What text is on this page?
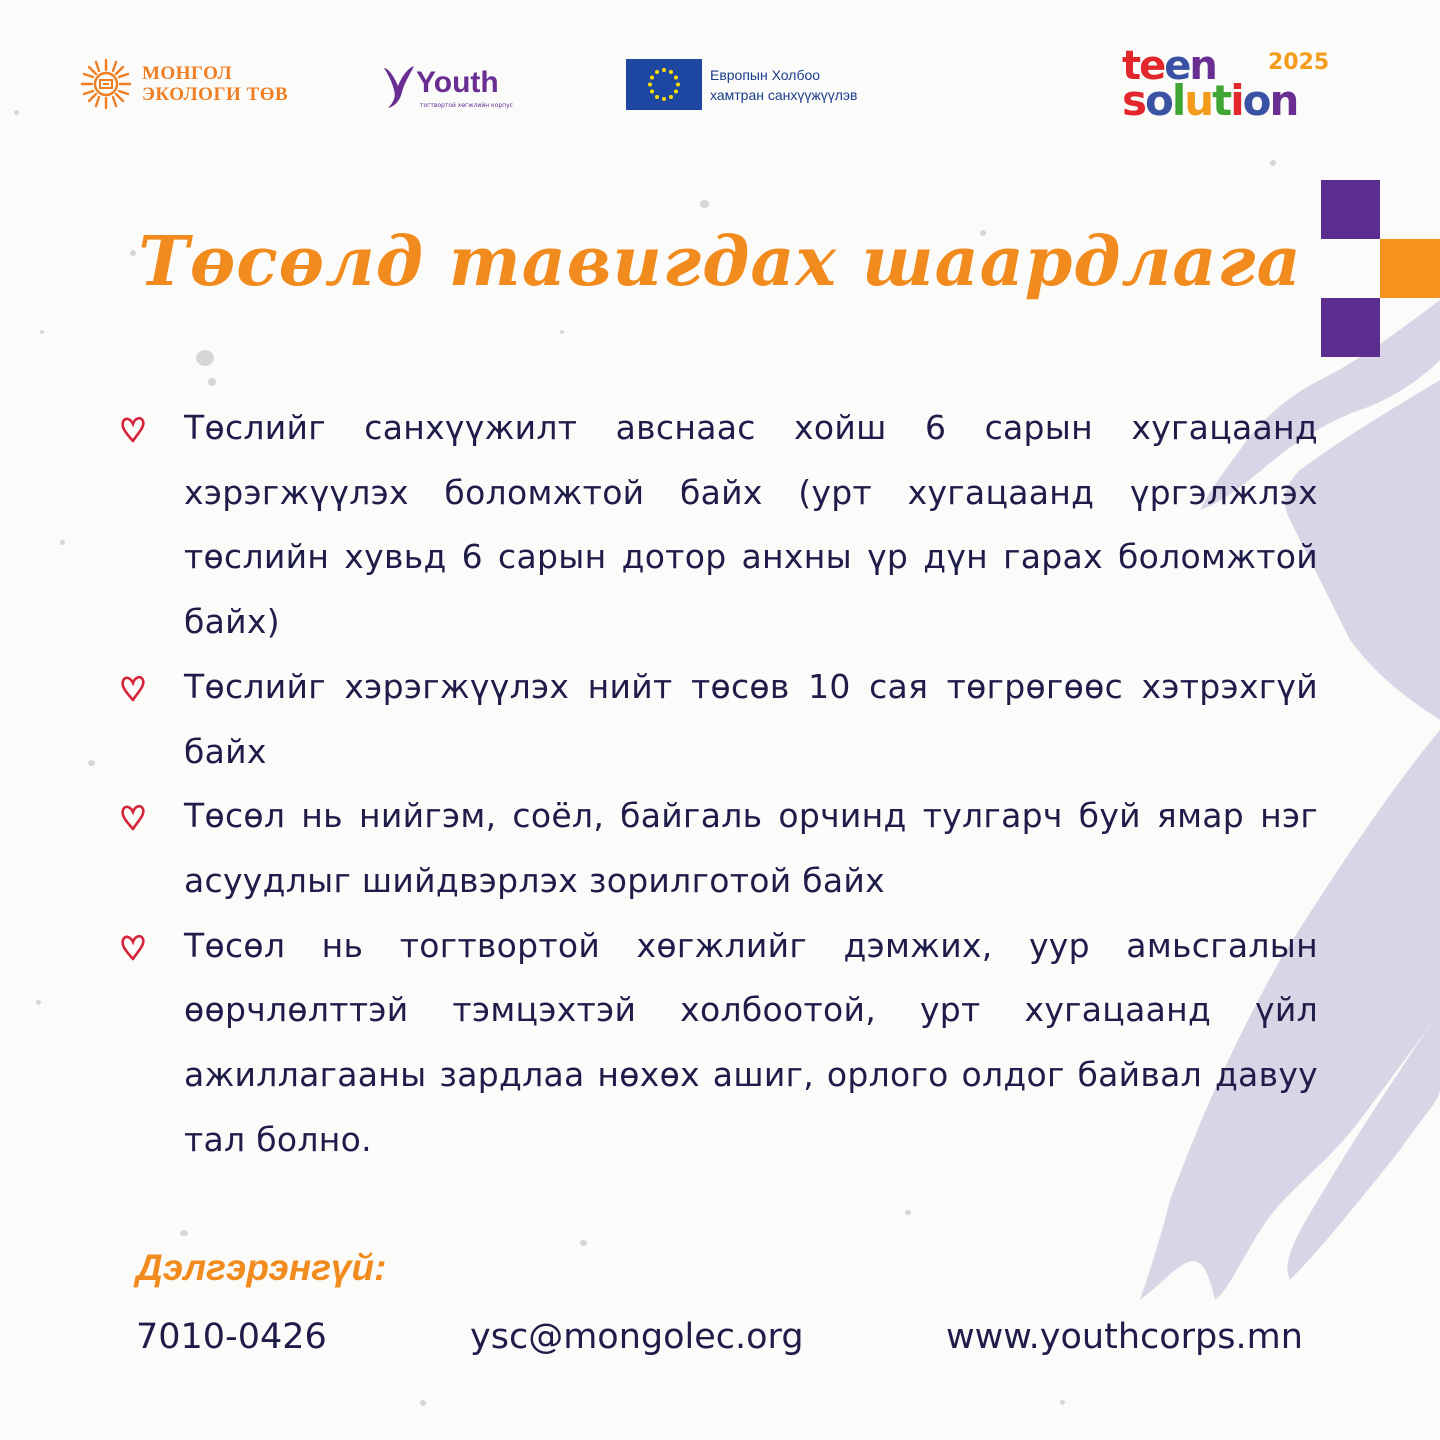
МОНГОЛ
ЭКОЛОГИ ТӨВ	Youth
тогтвортой хөгжлийн корпус
Европын Холбоо
хамтран санхүүжүүлэв
teen 2025
solution
Төсөлд тавигдах шаардлага
Төслийг санхүүжилт авснаас хойш 6 сарын хугацаанд хэрэгжүүлэх боломжтой байх (урт хугацаанд үргэлжлэх төслийн хувьд 6 сарын дотор анхны үр дүн гарах боломжтой байх)
Төслийг хэрэгжүүлэх нийт төсөв 10 сая төгрөгөөс хэтрэхгүй байх
Төсөл нь нийгэм, соёл, байгаль орчинд тулгарч буй ямар нэг асуудлыг шийдвэрлэх зорилготой байх
Төсөл нь тогтвортой хөгжлийг дэмжих, уур амьсгалын өөрчлөлттэй тэмцэхтэй холбоотой, урт хугацаанд үйл ажиллагааны зардлаа нөхөх ашиг, орлого олдог байвал давуу тал болно.
Дэлгэрэнгүй:
7010-0426	ysc@mongolec.org	www.youthcorps.mn
